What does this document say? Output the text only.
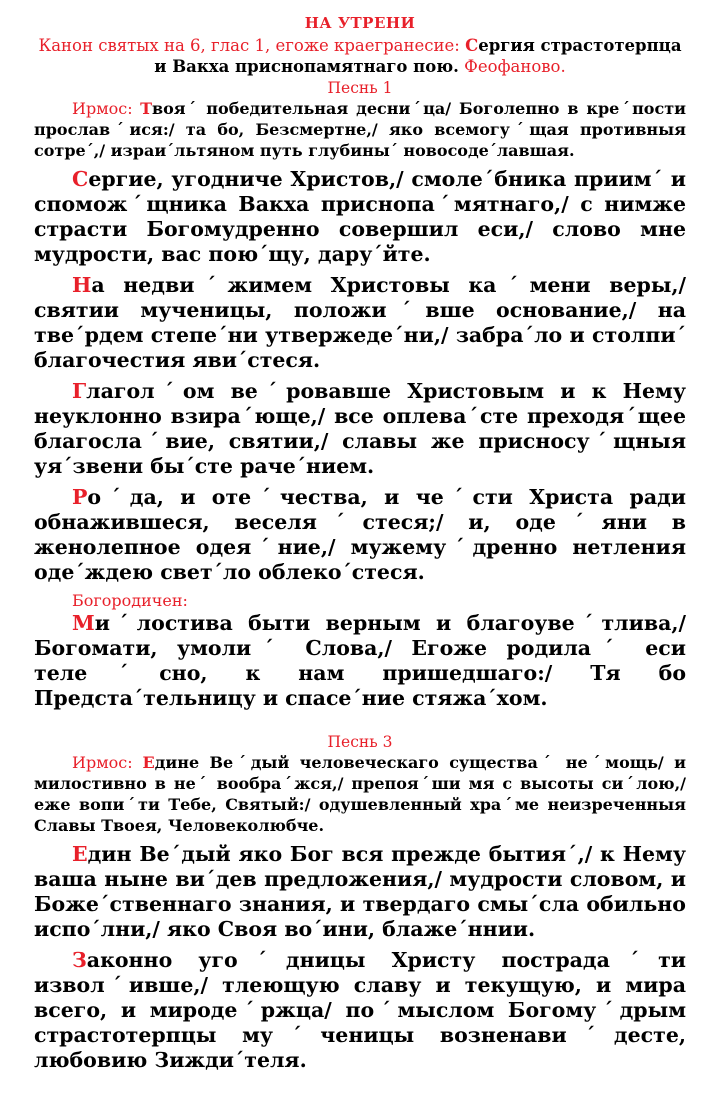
НА УТРЕНИ
Канон святых на 6, глас 1, егоже краегранесие: Сергия страстотерпца и Вакха приснопамятнаго пою. Феофаново.
Песнь 1

Ирмос: Твояˊ победительная десниˊца/ Боголепно в креˊпости прославˊися:/ та бо, Безсмертне,/ яко всемогуˊщая противныя сотреˊ,/ израиˊльтяном путь глубиныˊ новосодеˊлавшая.

Сергие, угодниче Христов,/ смолеˊбника приимˊ и споможˊщника Вакха приснопаˊмятнаго,/ с нимже страсти Богомудренно совершил еси,/ слово мне мудрости, вас поюˊщу, даруˊйте.

На недвиˊжимем Христовы каˊмени веры,/ святии мученицы, положиˊвше основание,/ на твеˊрдем степеˊни утвержедеˊни,/ забраˊло и столпиˊ благочестия явиˊстеся.

Глаголˊом веˊровавше Христовым и к Нему неуклонно взираˊюще,/ все оплеваˊсте преходяˊщее благослаˊвие, святии,/ славы же присносуˊщныя уяˊзвени быˊсте рачеˊнием.

Роˊда, и отеˊчества, и чеˊсти Христа ради обнажившеся, веселяˊстеся;/ и, одеˊяни в женолепное одеяˊние,/ мужемуˊдренно нетления одеˊждею светˊло облекоˊстеся.

Богородичен:

Миˊлостива быти верным и благоувеˊтлива,/ Богомати, умолиˊ Слова,/ Егоже родилаˊ еси телеˊсно, к нам пришедшаго:/ Тя бо Предстаˊтельницу и спасеˊние стяжаˊхом.

Песнь 3

Ирмос: Едине Веˊдый человеческаго существаˊ неˊмощь/ и милостивно в неˊ вообраˊжся,/ препояˊши мя с высоты сиˊлою,/ еже вопиˊти Тебе, Святый:/ одушевленный храˊме неизреченныя Славы Твоея, Человеколюбче.

Един Веˊдый яко Бог вся прежде бытияˊ,/ к Нему ваша ныне виˊдев предложения,/ мудрости словом, и Божеˊственнаго знания, и твердаго смыˊсла обильно испоˊлни,/ яко Своя воˊини, блажеˊннии.

Законно угоˊдницы Христу пострадаˊти изволˊивше,/ тлеющую славу и текущую, и мира всего, и миродеˊржца/ поˊмыслом Богомуˊдрым страстотерпцы муˊченицы возненавиˊдесте, любовию Зиждиˊтеля.
